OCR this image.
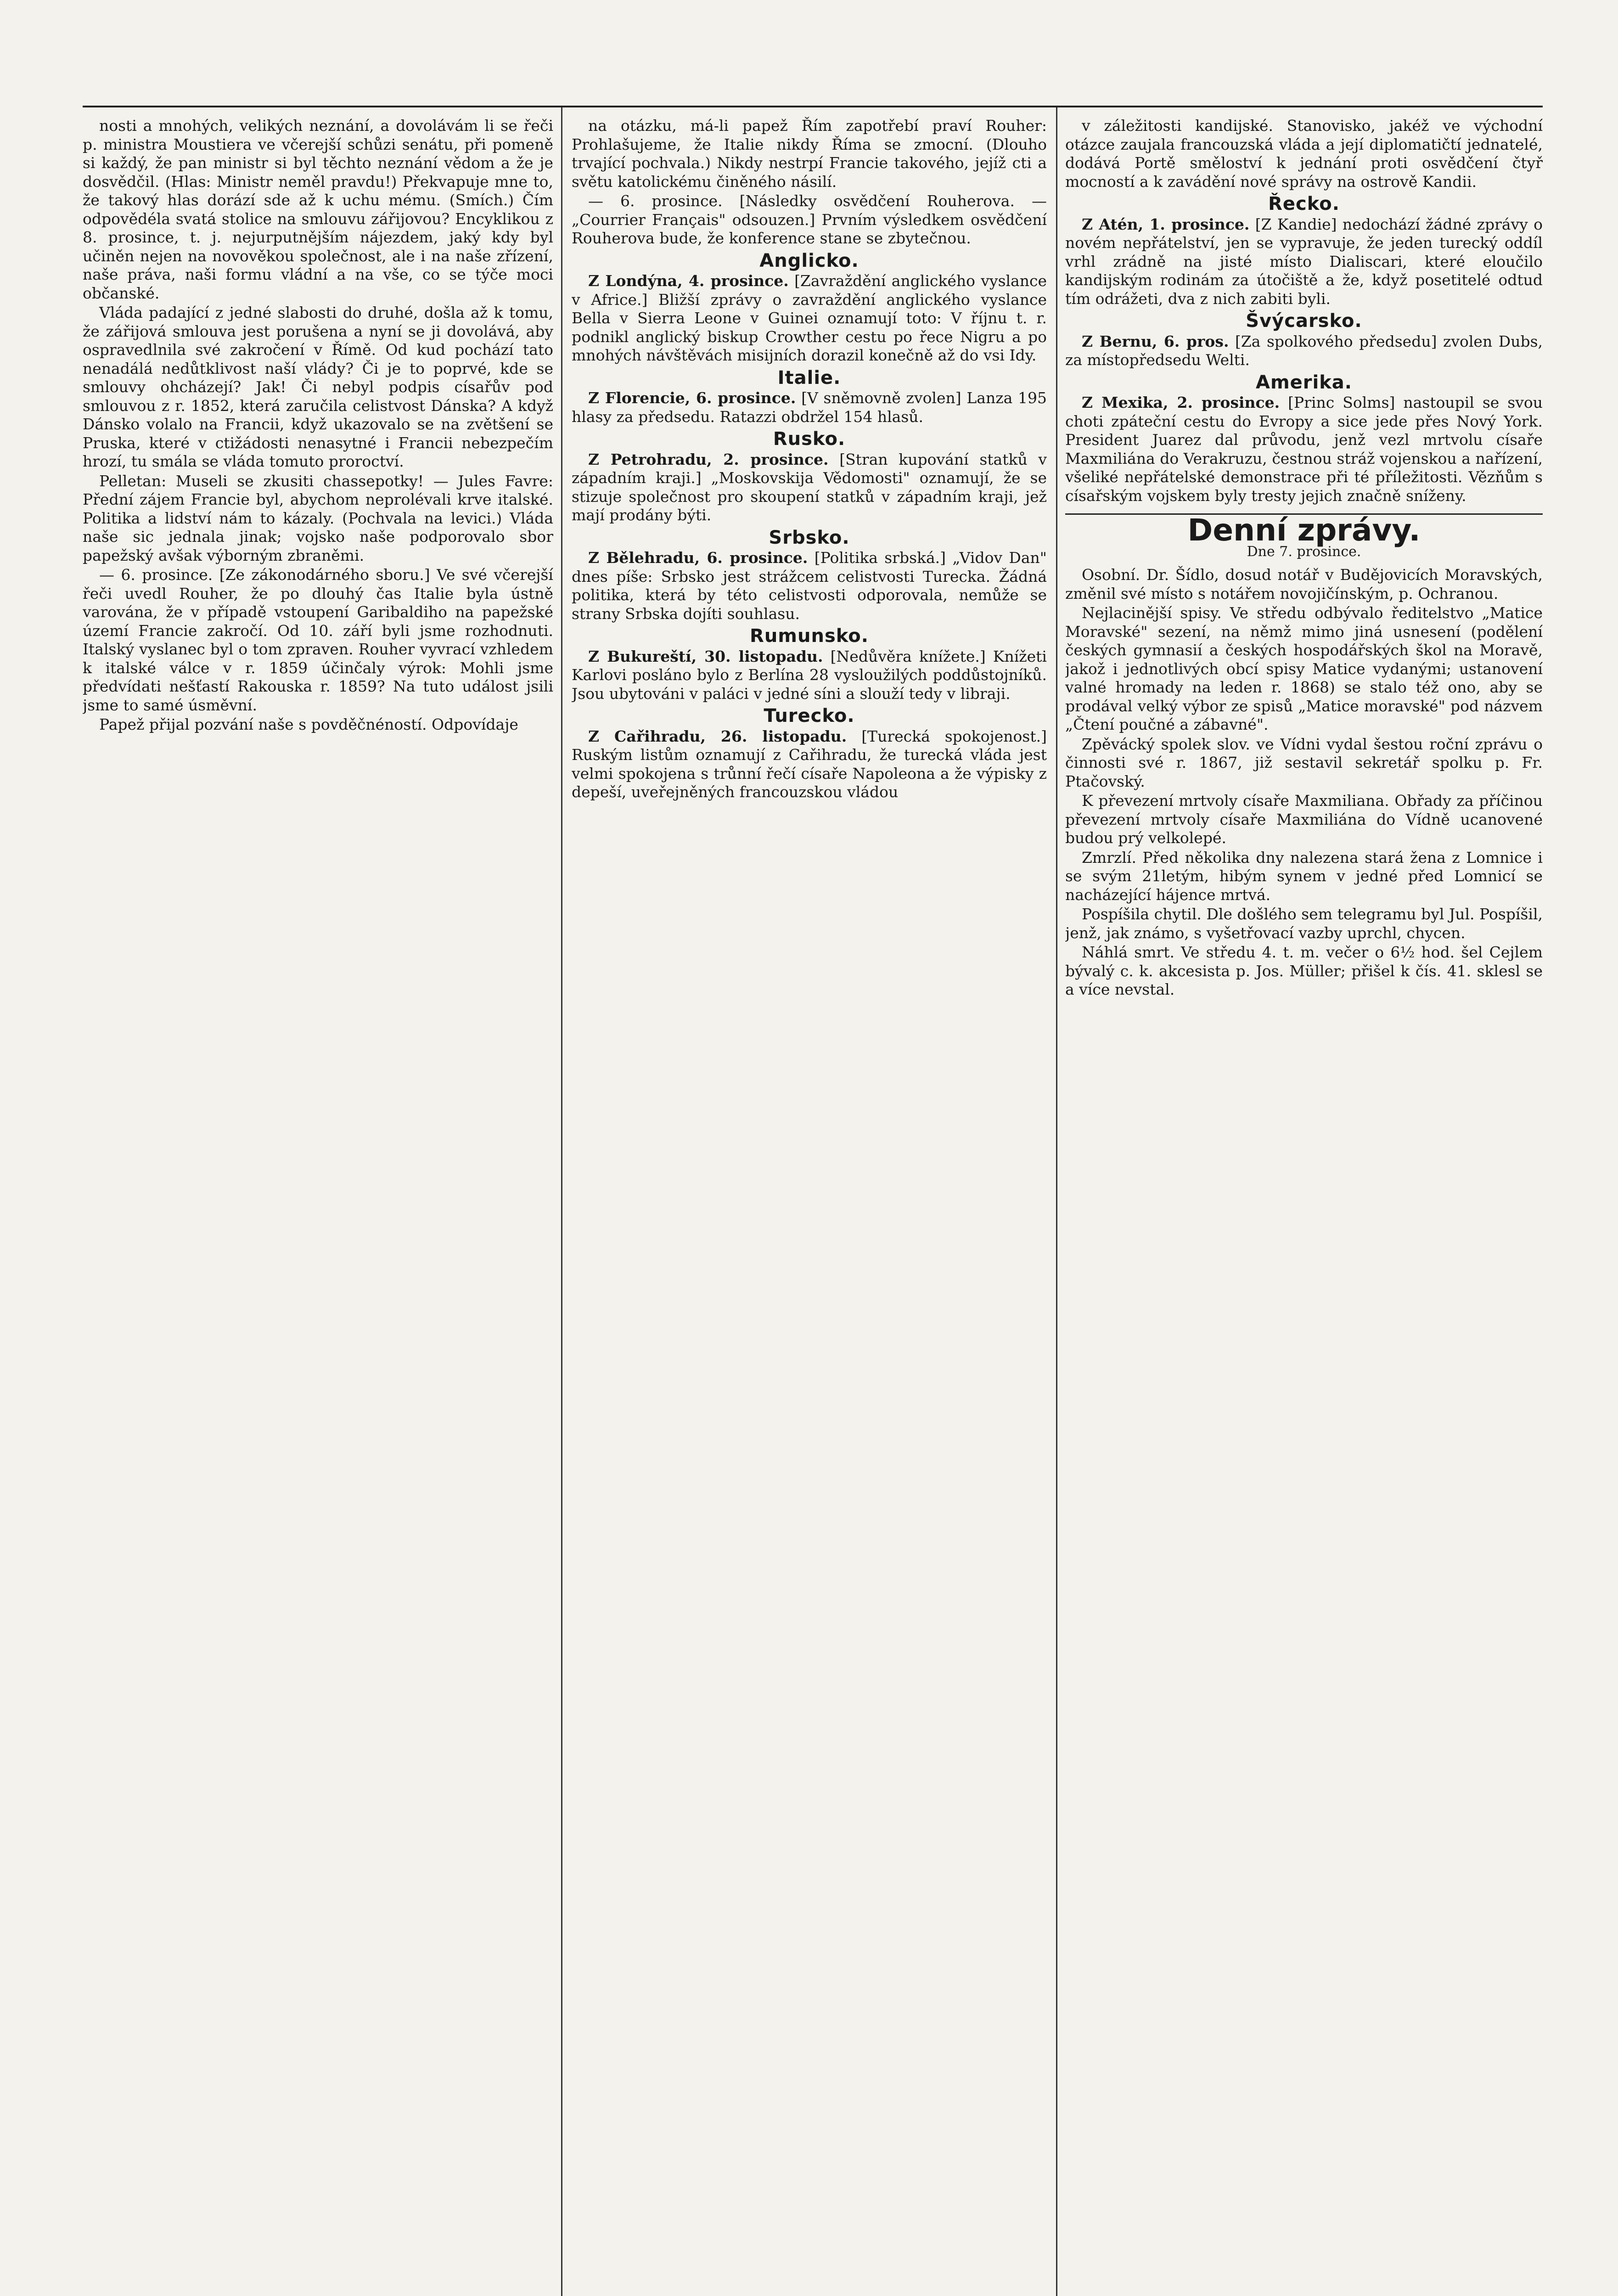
nosti a mnohých, velikých neznání, a dovolávám li se řeči p. ministra Moustiera ve včerejší schůzi senátu, při pomeně si každý, že pan ministr si byl těchto neznání vědom a že je dosvědčil. (Hlas: Ministr neměl pravdu!) Překvapuje mne to, že takový hlas dorází sde až k uchu mému. (Smích.) Čím odpovědéla svatá stolice na smlouvu zářijovou? Encyklikou z 8. prosince, t. j. nejurputnějším nájezdem, jaký kdy byl učiněn nejen na novověkou společnost, ale i na naše zřízení, naše práva, naši formu vládní a na vše, co se týče moci občanské.

Vláda padající z jedné slabosti do druhé, došla až k tomu, že zářijová smlouva jest porušena a nyní se ji dovolává, aby ospravedlnila své zakročení v Římě. Od kud pochází tato nenadálá nedůtklivost naší vlády? Či je to poprvé, kde se smlouvy ohcházejí? Jak! Či nebyl podpis císařův pod smlouvou z r. 1852, která zaručila celistvost Dánska? A když Dánsko volalo na Francii, když ukazovalo se na zvětšení se Pruska, které v ctižádosti nenasytné i Francii nebezpečím hrozí, tu smála se vláda tomuto proroctví.

Pelletan: Museli se zkusiti chassepotky! — Jules Favre: Přední zájem Francie byl, abychom neprolévali krve italské. Politika a lidství nám to kázaly. (Pochvala na levici.) Vláda naše sic jednala jinak; vojsko naše podporovalo sbor papežský avšak výborným zbraněmi.

— 6. prosince. [Ze zákonodárného sboru.] Ve své včerejší řeči uvedl Rouher, že po dlouhý čas Italie byla ústně varována, že v případě vstoupení Garibaldiho na papežské území Francie zakročí. Od 10. září byli jsme rozhodnuti. Italský vyslanec byl o tom zpraven. Rouher vyvrací vzhledem k italské válce v r. 1859 účinčaly výrok: Mohli jsme předvídati nešťastí Rakouska r. 1859? Na tuto událost jsili jsme to samé úsměvní.

Papež přijal pozvání naše s povděčnéností. Odpovídaje

na otázku, má-li papež Řím zapotřebí praví Rouher: Prohlašujeme, že Italie nikdy Říma se zmocní. (Dlouho trvající pochvala.) Nikdy nestrpí Francie takového, jejíž cti a světu katolickému činěného násilí.

— 6. prosince. [Následky osvědčení Rouherova. — „Courrier Français" odsouzen.] Prvním výsledkem osvědčení Rouherova bude, že konference stane se zbytečnou.

Anglicko.

Z Londýna, 4. prosince. [Zavraždění anglického vyslance v Africe.] Bližší zprávy o zavraždění anglického vyslance Bella v Sierra Leone v Guinei oznamují toto: V říjnu t. r. podnikl anglický biskup Crowther cestu po řece Nigru a po mnohých návštěvách misijních dorazil konečně až do vsi Idy.

Italie.

Z Florencie, 6. prosince. [V sněmovně zvolen] Lanza 195 hlasy za předsedu. Ratazzi obdržel 154 hlasů.

Rusko.

Z Petrohradu, 2. prosince. [Stran kupování statků v západním kraji.] „Moskovskija Vědomosti" oznamují, že se stizuje společnost pro skoupení statků v západním kraji, jež mají prodány býti.

Srbsko.

Z Bělehradu, 6. prosince. [Politika srbská.] „Vidov Dan" dnes píše: Srbsko jest strážcem celistvosti Turecka. Žádná politika, která by této celistvosti odporovala, nemůže se strany Srbska dojíti souhlasu.

Rumunsko.

Z Bukureští, 30. listopadu. [Nedůvěra knížete.] Knížeti Karlovi posláno bylo z Berlína 28 vysloužilých poddůstojníků. Jsou ubytováni v paláci v jedné síni a slouží tedy v libraji.

Turecko.

Z Cařihradu, 26. listopadu. [Turecká spokojenost.] Ruským listům oznamují z Cařihradu, že turecká vláda jest velmi spokojena s trůnní řečí císaře Napoleona a že výpisky z depeší, uveřejněných francouzskou vládou

v záležitosti kandijské. Stanovisko, jakéž ve východní otázce zaujala francouzská vláda a její diplomatičtí jednatelé, dodává Portě směloství k jednání proti osvědčení čtyř mocností a k zavádění nové správy na ostrově Kandii.

Řecko.

Z Atén, 1. prosince. [Z Kandie] nedochází žádné zprávy o novém nepřátelství, jen se vypravuje, že jeden turecký oddíl vrhl zrádně na jisté místo Dialiscari, které eloučilo kandijským rodinám za útočiště a že, když posetitelé odtud tím odrážeti, dva z nich zabiti byli.

Švýcarsko.

Z Bernu, 6. pros. [Za spolkového předsedu] zvolen Dubs, za místopředsedu Welti.

Amerika.

Z Mexika, 2. prosince. [Princ Solms] nastoupil se svou choti zpáteční cestu do Evropy a sice jede přes Nový York. President Juarez dal průvodu, jenž vezl mrtvolu císaře Maxmiliána do Verakruzu, čestnou stráž vojenskou a nařízení, všeliké nepřátelské demonstrace při té příležitosti. Vězňům s císařským vojskem byly tresty jejich značně sníženy.

Denní zprávy.
Dne 7. prosince.

Osobní. Dr. Šídlo, dosud notář v Budějovicích Moravských, změnil své místo s notářem novojičínským, p. Ochranou.

Nejlacinější spisy. Ve středu odbývalo ředitelstvo „Matice Moravské" sezení, na němž mimo jiná usnesení (podělení českých gymnasií a českých hospodářských škol na Moravě, jakož i jednotlivých obcí spisy Matice vydanými; ustanovení valné hromady na leden r. 1868) se stalo též ono, aby se prodával velký výbor ze spisů „Matice moravské" pod názvem „Čtení poučné a zábavné".

Zpěvácký spolek slov. ve Vídni vydal šestou roční zprávu o činnosti své r. 1867, již sestavil sekretář spolku p. Fr. Ptačovský.

K převezení mrtvoly císaře Maxmiliana. Obřady za příčinou převezení mrtvoly císaře Maxmiliána do Vídně ucanovené budou prý velkolepé.

Zmrzlí. Před několika dny nalezena stará žena z Lomnice i se svým 21letým, hibým synem v jedné před Lomnicí se nacházející hájence mrtvá.

Pospíšila chytil. Dle došlého sem telegramu byl Jul. Pospíšil, jenž, jak známo, s vyšetřovací vazby uprchl, chycen.

Náhlá smrt. Ve středu 4. t. m. večer o 6½ hod. šel Cejlem bývalý c. k. akcesista p. Jos. Müller; přišel k čís. 41. sklesl se a více nevstal.
